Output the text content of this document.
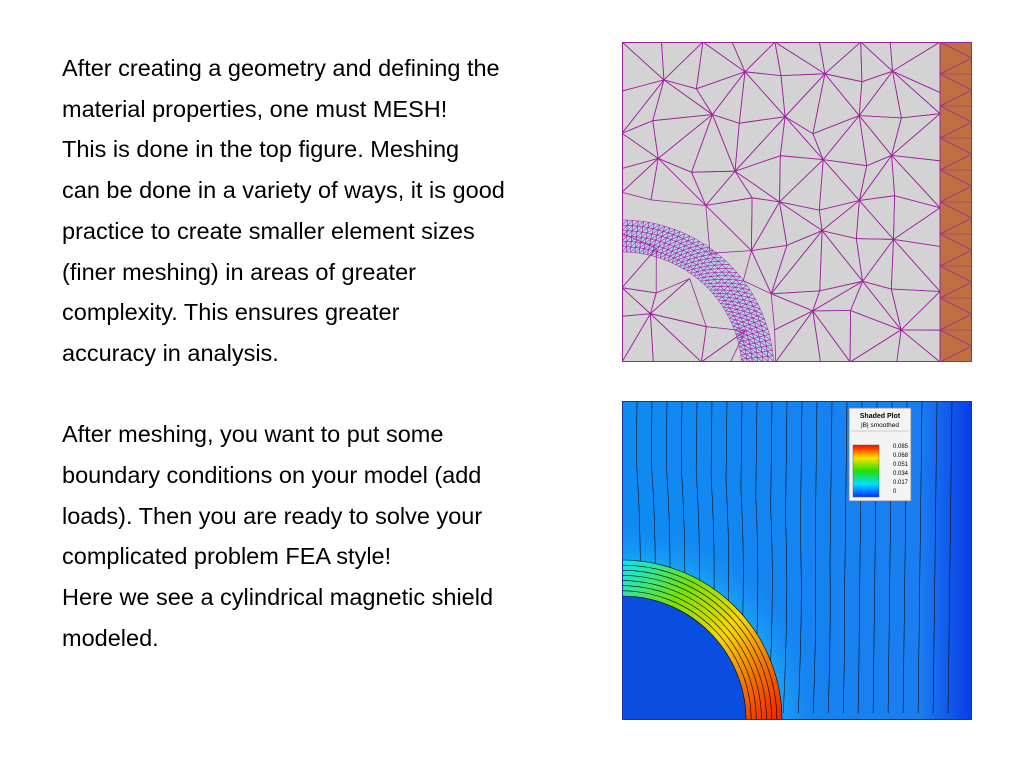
After creating a geometry and defining the
material properties, one must MESH!
This is done in the top figure. Meshing
can be done in a variety of ways, it is good
practice to create smaller element sizes
(finer meshing) in areas of greater
complexity. This ensures greater
accuracy in analysis.

After meshing, you want to put some
boundary conditions on your model (add
loads). Then you are ready to solve your
complicated problem FEA style!
Here we see a cylindrical magnetic shield
modeled.

Shaded Plot
|B| smoothed
0.085
0.068
0.051
0.034
0.017
0
